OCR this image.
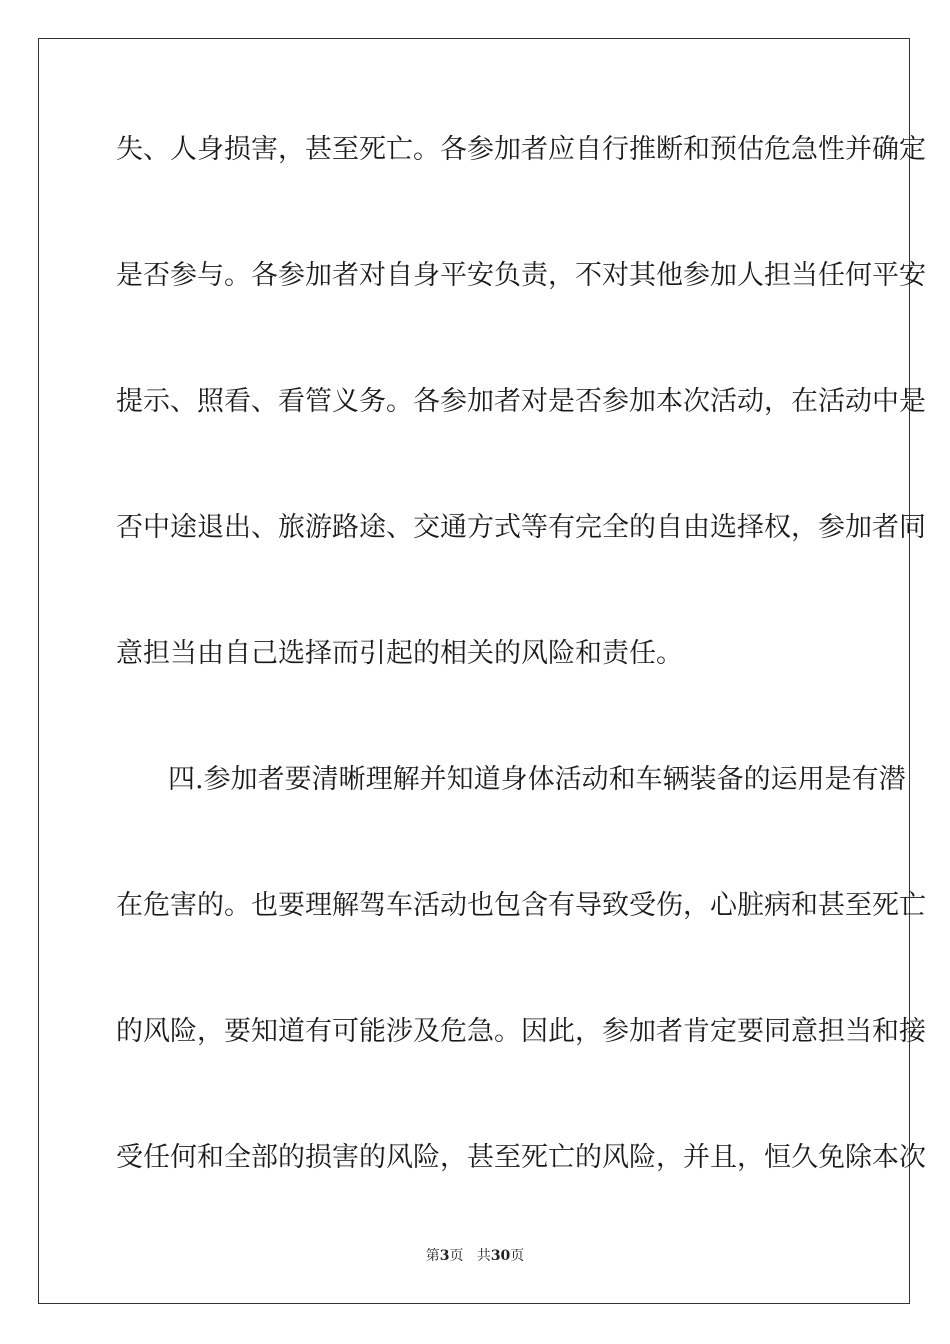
失、人身损害，甚至死亡。各参加者应自行推断和预估危急性并确定
是否参与。各参加者对自身平安负责，不对其他参加人担当任何平安
提示、照看、看管义务。各参加者对是否参加本次活动，在活动中是
否中途退出、旅游路途、交通方式等有完全的自由选择权，参加者同
意担当由自己选择而引起的相关的风险和责任。
四.参加者要清晰理解并知道身体活动和车辆装备的运用是有潜
在危害的。也要理解驾车活动也包含有导致受伤，心脏病和甚至死亡
的风险，要知道有可能涉及危急。因此，参加者肯定要同意担当和接
受任何和全部的损害的风险，甚至死亡的风险，并且，恒久免除本次
第3页 共30页
